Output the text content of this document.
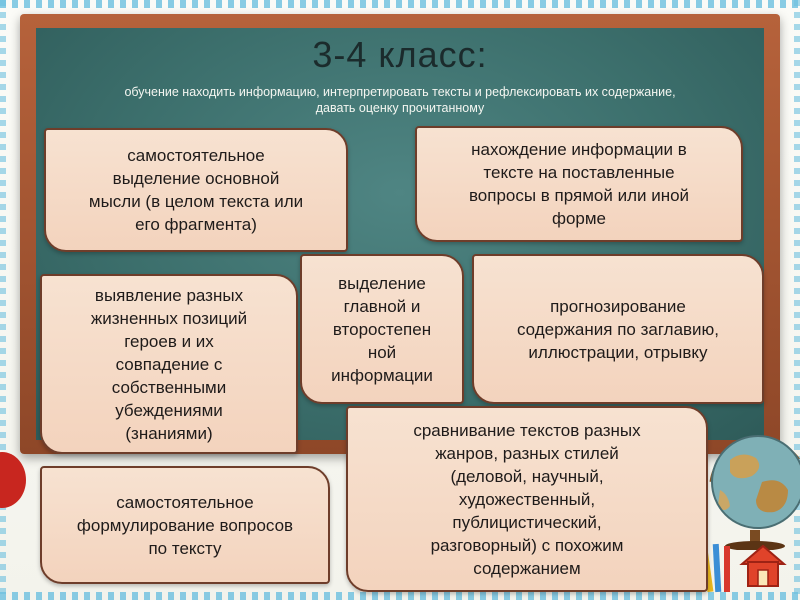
3-4 класс:
обучение находить информацию, интерпретировать тексты и рефлексировать их содержание, давать оценку прочитанному
самостоятельное
выделение основной
мысли (в целом текста или
его фрагмента)
нахождение информации в
тексте на поставленные
вопросы в прямой или иной
форме
выявление разных
жизненных позиций
героев и их
совпадение с
собственными
убеждениями
(знаниями)
выделение
главной и
второстепен
ной
информации
прогнозирование
содержания по заглавию,
иллюстрации, отрывку
сравнивание текстов разных
жанров, разных стилей
(деловой, научный,
художественный,
публицистический,
разговорный) с похожим
содержанием
самостоятельное
формулирование вопросов
по тексту
